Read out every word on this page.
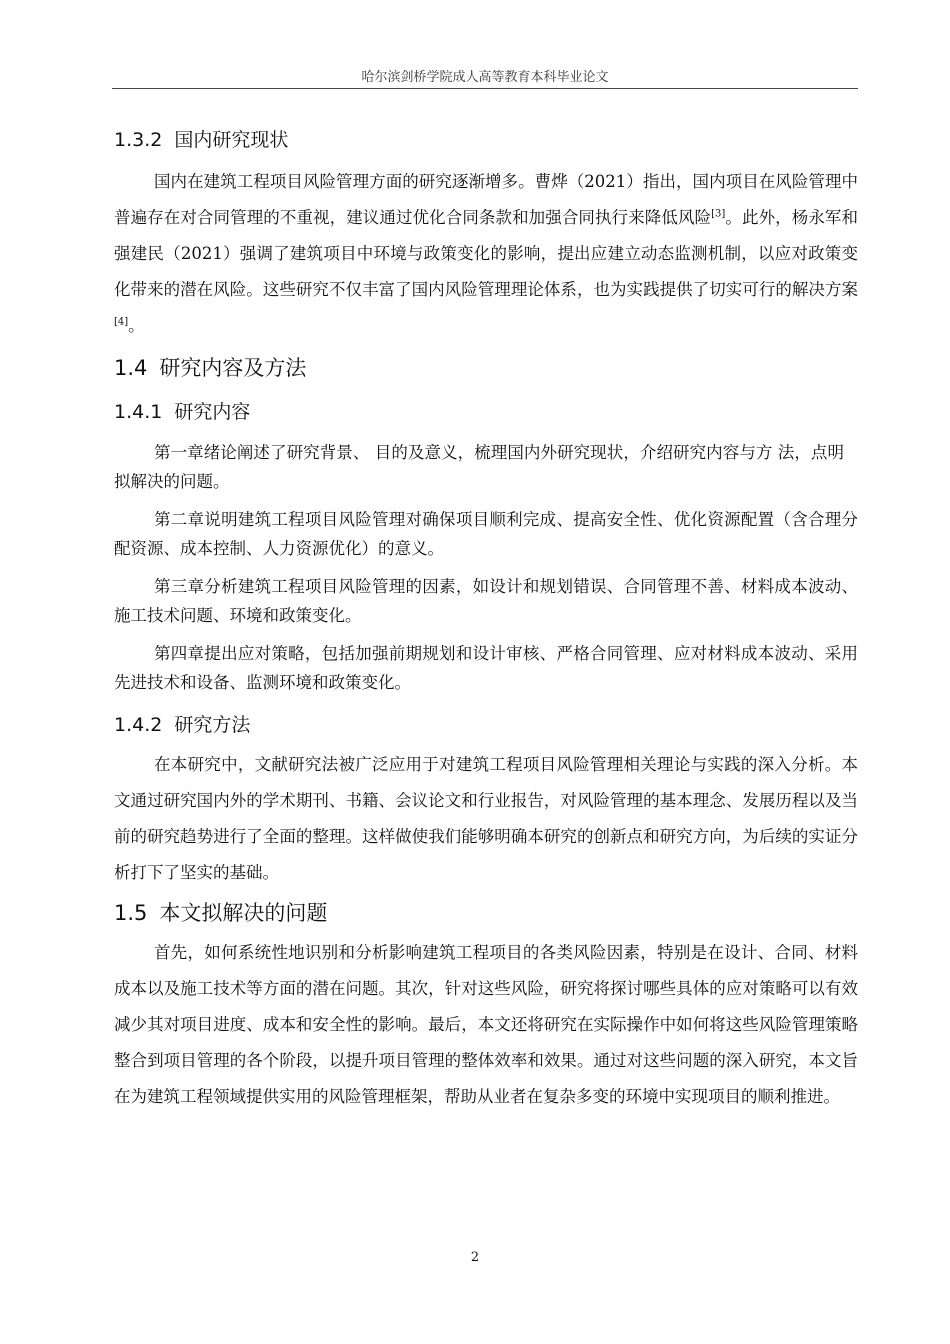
哈尔滨剑桥学院成人高等教育本科毕业论文
1.3.2 国内研究现状

国内在建筑工程项目风险管理方面的研究逐渐增多。曹烨（2021）指出，国内项目在风险管理中普遍存在对合同管理的不重视，建议通过优化合同条款和加强合同执行来降低风险[3]。此外，杨永军和强建民（2021）强调了建筑项目中环境与政策变化的影响，提出应建立动态监测机制，以应对政策变化带来的潜在风险。这些研究不仅丰富了国内风险管理理论体系，也为实践提供了切实可行的解决方案[4]。

1.4 研究内容及方法
1.4.1 研究内容

第一章绪论阐述了研究背景、 目的及意义，梳理国内外研究现状，介绍研究内容与方 法，点明拟解决的问题。

第二章说明建筑工程项目风险管理对确保项目顺利完成、提高安全性、优化资源配置（含合理分配资源、成本控制、人力资源优化）的意义。

第三章分析建筑工程项目风险管理的因素，如设计和规划错误、合同管理不善、材料成本波动、施工技术问题、环境和政策变化。

第四章提出应对策略，包括加强前期规划和设计审核、严格合同管理、应对材料成本波动、采用先进技术和设备、监测环境和政策变化。

1.4.2 研究方法

在本研究中，文献研究法被广泛应用于对建筑工程项目风险管理相关理论与实践的深入分析。本文通过研究国内外的学术期刊、书籍、会议论文和行业报告，对风险管理的基本理念、发展历程以及当前的研究趋势进行了全面的整理。这样做使我们能够明确本研究的创新点和研究方向，为后续的实证分析打下了坚实的基础。

1.5 本文拟解决的问题

首先，如何系统性地识别和分析影响建筑工程项目的各类风险因素，特别是在设计、合同、材料成本以及施工技术等方面的潜在问题。其次，针对这些风险，研究将探讨哪些具体的应对策略可以有效减少其对项目进度、成本和安全性的影响。最后，本文还将研究在实际操作中如何将这些风险管理策略整合到项目管理的各个阶段，以提升项目管理的整体效率和效果。通过对这些问题的深入研究，本文旨在为建筑工程领域提供实用的风险管理框架，帮助从业者在复杂多变的环境中实现项目的顺利推进。

2
